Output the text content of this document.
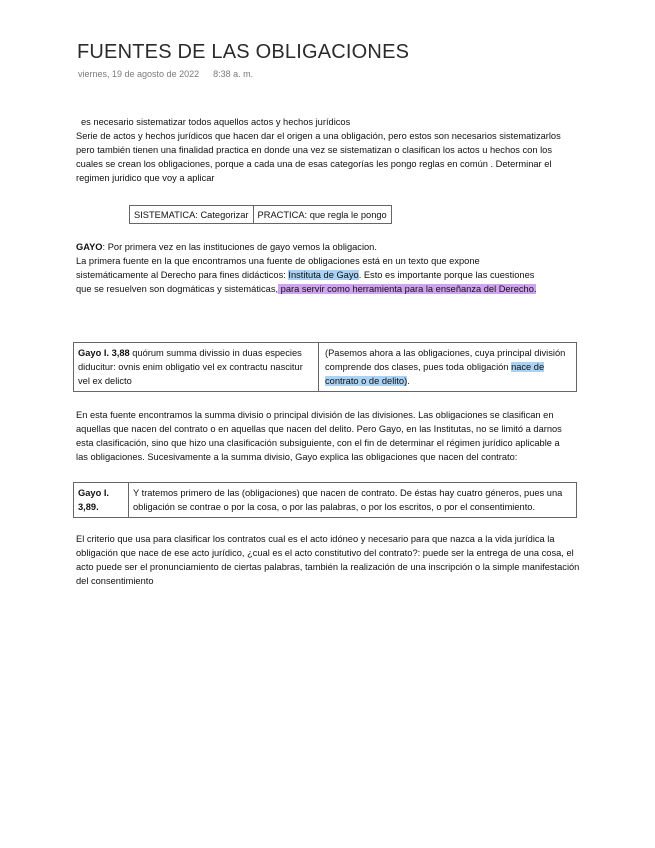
FUENTES DE LAS OBLIGACIONES
viernes, 19 de agosto de 2022 8:38 a. m.
es necesario sistematizar todos aquellos actos y hechos jurídicos
Serie de actos y hechos jurídicos que hacen dar el origen a una obligación, pero estos son necesarios sistematizarlos pero también tienen una finalidad practica en donde una vez se sistematizan o clasifican los actos u hechos con los cuales se crean los obligaciones, porque a cada una de esas categorías les pongo reglas en común . Determinar el regimen juridico que voy a aplicar
SISTEMATICA: Categorizar	PRACTICA: que regla le pongo
GAYO: Por primera vez en las instituciones de gayo vemos la obligacion.
La primera fuente en la que encontramos una fuente de obligaciones está en un texto que expone sistemáticamente al Derecho para fines didácticos: Instituta de Gayo. Esto es importante porque las cuestiones que se resuelven son dogmáticas y sistemáticas, para servir como herramienta para la enseñanza del Derecho.
Gayo I. 3,88 quórum summa divissio in duas especies diducitur: ovnis enim obligatio vel ex contractu nascitur vel ex delicto	(Pasemos ahora a las obligaciones, cuya principal división comprende dos clases, pues toda obligación nace de contrato o de delito).
En esta fuente encontramos la summa divisio o principal división de las divisiones. Las obligaciones se clasifican en aquellas que nacen del contrato o en aquellas que nacen del delito. Pero Gayo, en las Institutas, no se limitó a darnos esta clasificación, sino que hizo una clasificación subsiguiente, con el fin de determinar el régimen jurídico aplicable a las obligaciones. Sucesivamente a la summa divisio, Gayo explica las obligaciones que nacen del contrato:
Gayo I. 3,89.	Y tratemos primero de las (obligaciones) que nacen de contrato. De éstas hay cuatro géneros, pues una obligación se contrae o por la cosa, o por las palabras, o por los escritos, o por el consentimiento.
El criterio que usa para clasificar los contratos cual es el acto idóneo y necesario para que nazca a la vida jurídica la obligación que nace de ese acto jurídico, ¿cual es el acto constitutivo del contrato?: puede ser la entrega de una cosa, el acto puede ser el pronunciamiento de ciertas palabras, también la realización de una inscripción o la simple manifestación del consentimiento
